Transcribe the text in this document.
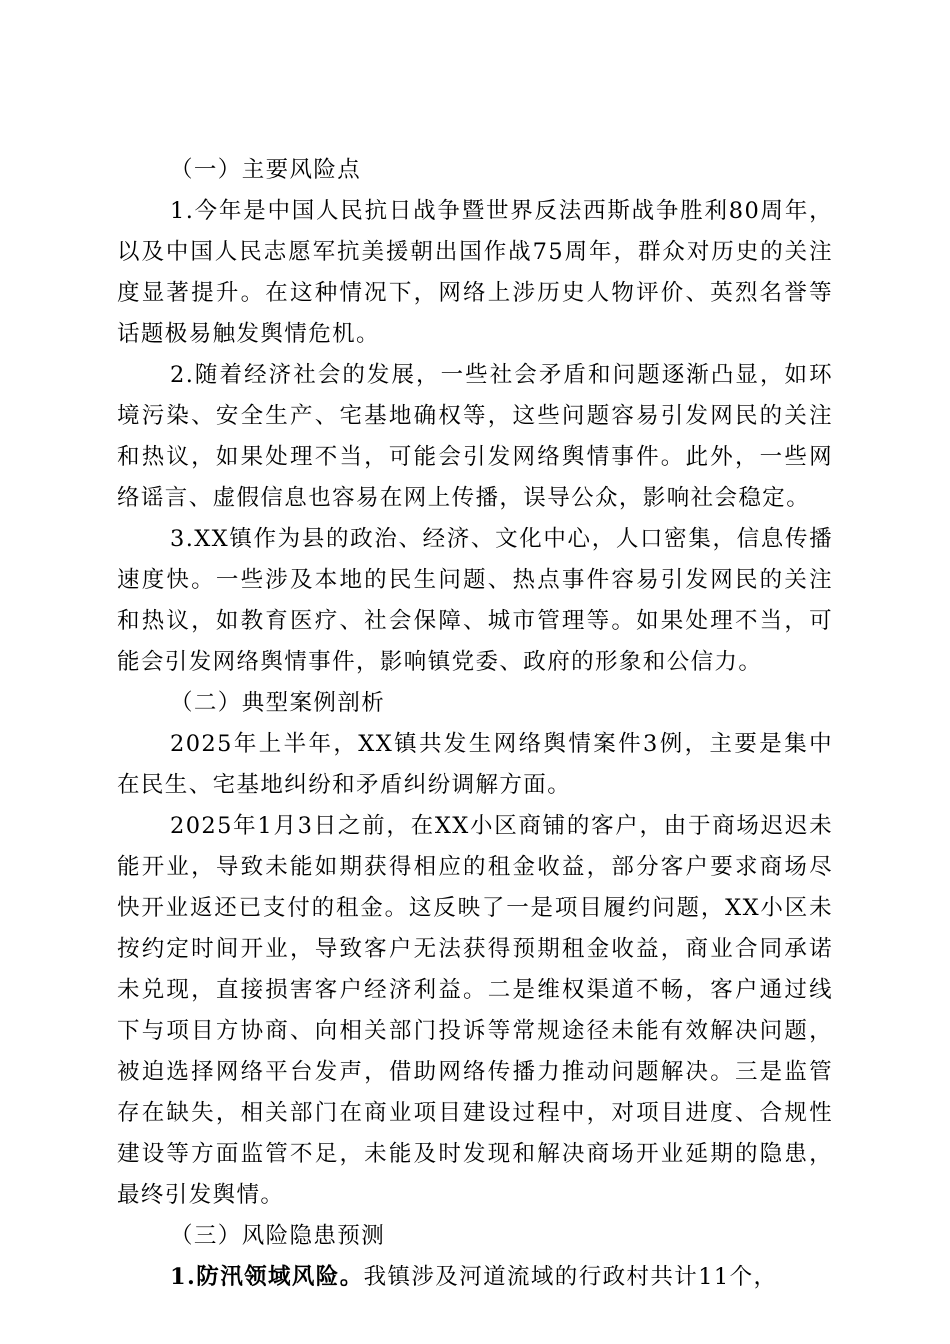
（一）主要风险点

1.今年是中国人民抗日战争暨世界反法西斯战争胜利80周年，以及中国人民志愿军抗美援朝出国作战75周年，群众对历史的关注度显著提升。在这种情况下，网络上涉历史人物评价、英烈名誉等话题极易触发舆情危机。

2.随着经济社会的发展，一些社会矛盾和问题逐渐凸显，如环境污染、安全生产、宅基地确权等，这些问题容易引发网民的关注和热议，如果处理不当，可能会引发网络舆情事件。此外，一些网络谣言、虚假信息也容易在网上传播，误导公众，影响社会稳定。

3.XX镇作为县的政治、经济、文化中心，人口密集，信息传播速度快。一些涉及本地的民生问题、热点事件容易引发网民的关注和热议，如教育医疗、社会保障、城市管理等。如果处理不当，可能会引发网络舆情事件，影响镇党委、政府的形象和公信力。

（二）典型案例剖析

2025年上半年，XX镇共发生网络舆情案件3例，主要是集中在民生、宅基地纠纷和矛盾纠纷调解方面。

2025年1月3日之前，在XX小区商铺的客户，由于商场迟迟未能开业，导致未能如期获得相应的租金收益，部分客户要求商场尽快开业返还已支付的租金。这反映了一是项目履约问题，XX小区未按约定时间开业，导致客户无法获得预期租金收益，商业合同承诺未兑现，直接损害客户经济利益。二是维权渠道不畅，客户通过线下与项目方协商、向相关部门投诉等常规途径未能有效解决问题，被迫选择网络平台发声，借助网络传播力推动问题解决。三是监管存在缺失，相关部门在商业项目建设过程中，对项目进度、合规性建设等方面监管不足，未能及时发现和解决商场开业延期的隐患，最终引发舆情。

（三）风险隐患预测

1.防汛领域风险。我镇涉及河道流域的行政村共计11个，
